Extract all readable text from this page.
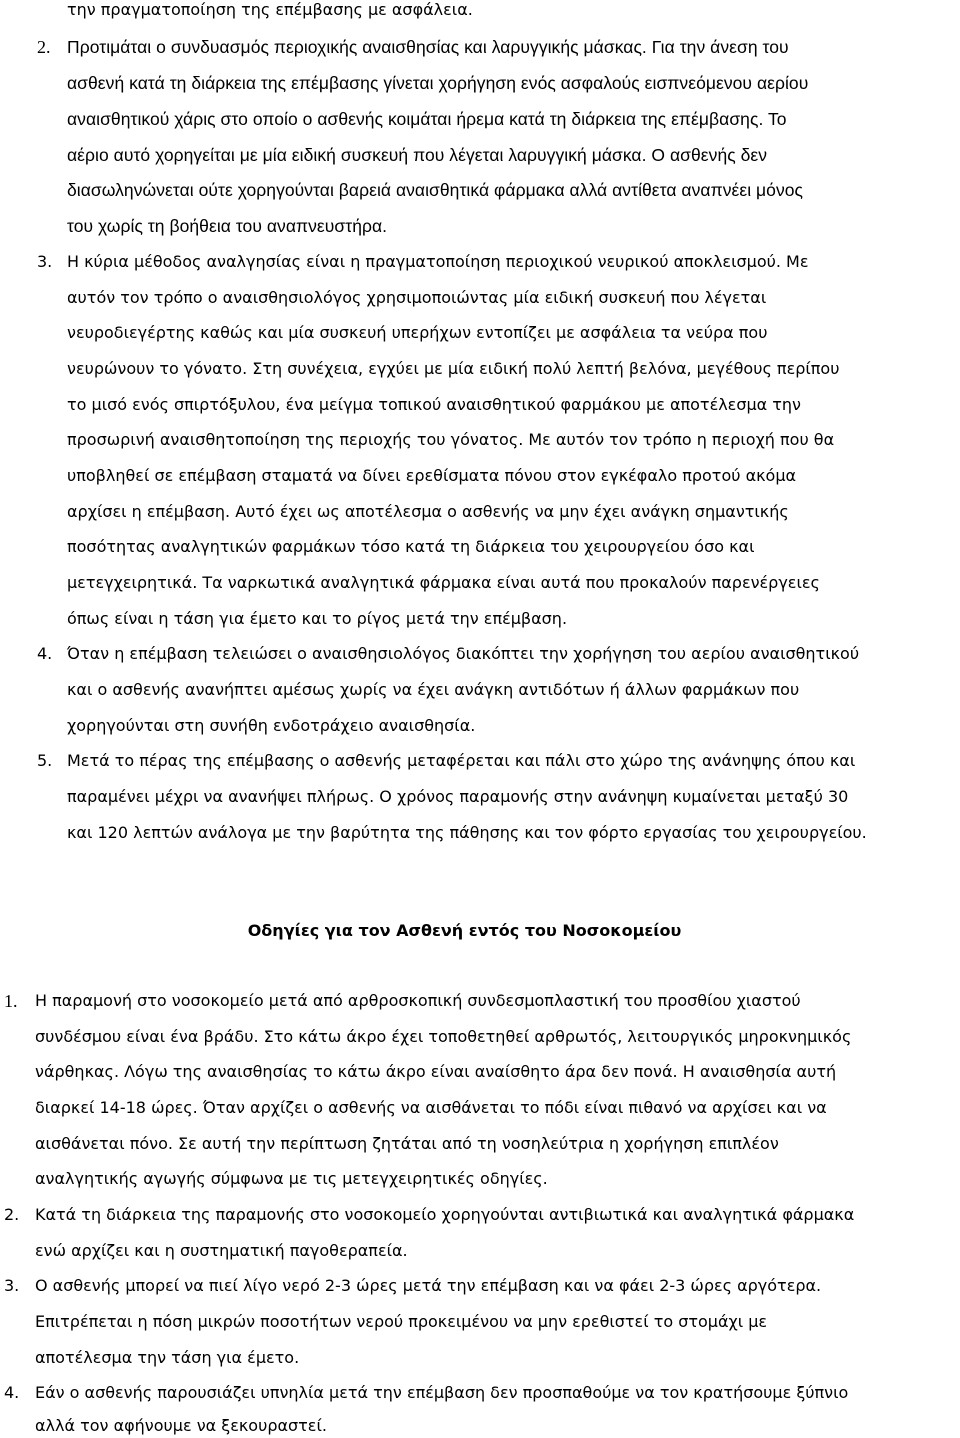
την πραγματοποίηση της επέμβασης με ασφάλεια.
2. Προτιμάται ο συνδυασμός περιοχικής αναισθησίας και λαρυγγικής μάσκας. Για την άνεση του
ασθενή κατά τη διάρκεια της επέμβασης γίνεται χορήγηση ενός ασφαλούς εισπνεόμενου αερίου
αναισθητικού χάρις στο οποίο ο ασθενής κοιμάται ήρεμα κατά τη διάρκεια της επέμβασης. Το
αέριο αυτό χορηγείται με μία ειδική συσκευή που λέγεται λαρυγγική μάσκα. Ο ασθενής δεν
διασωληνώνεται ούτε χορηγούνται βαρειά αναισθητικά φάρμακα αλλά αντίθετα αναπνέει μόνος
του χωρίς τη βοήθεια του αναπνευστήρα.
3. Η κύρια μέθοδος αναλγησίας είναι η πραγματοποίηση περιοχικού νευρικού αποκλεισμού. Με
αυτόν τον τρόπο ο αναισθησιολόγος χρησιμοποιώντας μία ειδική συσκευή που λέγεται
νευροδιεγέρτης καθώς και μία συσκευή υπερήχων εντοπίζει με ασφάλεια τα νεύρα που
νευρώνουν το γόνατο. Στη συνέχεια, εγχύει με μία ειδική πολύ λεπτή βελόνα, μεγέθους περίπου
το μισό ενός σπιρτόξυλου, ένα μείγμα τοπικού αναισθητικού φαρμάκου με αποτέλεσμα την
προσωρινή αναισθητοποίηση της περιοχής του γόνατος. Με αυτόν τον τρόπο η περιοχή που θα
υποβληθεί σε επέμβαση σταματά να δίνει ερεθίσματα πόνου στον εγκέφαλο προτού ακόμα
αρχίσει η επέμβαση. Αυτό έχει ως αποτέλεσμα ο ασθενής να μην έχει ανάγκη σημαντικής
ποσότητας αναλγητικών φαρμάκων τόσο κατά τη διάρκεια του χειρουργείου όσο και
μετεγχειρητικά. Τα ναρκωτικά αναλγητικά φάρμακα είναι αυτά που προκαλούν παρενέργειες
όπως είναι η τάση για έμετο και το ρίγος μετά την επέμβαση.
4. Όταν η επέμβαση τελειώσει ο αναισθησιολόγος διακόπτει την χορήγηση του αερίου αναισθητικού
και ο ασθενής ανανήπτει αμέσως χωρίς να έχει ανάγκη αντιδότων ή άλλων φαρμάκων που
χορηγούνται στη συνήθη ενδοτράχειο αναισθησία.
5. Μετά το πέρας της επέμβασης ο ασθενής μεταφέρεται και πάλι στο χώρο της ανάνηψης όπου και
παραμένει μέχρι να ανανήψει πλήρως. Ο χρόνος παραμονής στην ανάνηψη κυμαίνεται μεταξύ 30
και 120 λεπτών ανάλογα με την βαρύτητα της πάθησης και τον φόρτο εργασίας του χειρουργείου.
Οδηγίες για τον Ασθενή εντός του Νοσοκομείου
1. Η παραμονή στο νοσοκομείο μετά από αρθροσκοπική συνδεσμοπλαστική του προσθίου χιαστού
συνδέσμου είναι ένα βράδυ. Στο κάτω άκρο έχει τοποθετηθεί αρθρωτός, λειτουργικός μηροκνημικός
νάρθηκας. Λόγω της αναισθησίας το κάτω άκρο είναι αναίσθητο άρα δεν πονά. Η αναισθησία αυτή
διαρκεί 14-18 ώρες. Όταν αρχίζει ο ασθενής να αισθάνεται το πόδι είναι πιθανό να αρχίσει και να
αισθάνεται πόνο. Σε αυτή την περίπτωση ζητάται από τη νοσηλεύτρια η χορήγηση επιπλέον
αναλγητικής αγωγής σύμφωνα με τις μετεγχειρητικές οδηγίες.
2. Κατά τη διάρκεια της παραμονής στο νοσοκομείο χορηγούνται αντιβιωτικά και αναλγητικά φάρμακα
ενώ αρχίζει και η συστηματική παγοθεραπεία.
3. Ο ασθενής μπορεί να πιεί λίγο νερό 2-3 ώρες μετά την επέμβαση και να φάει 2-3 ώρες αργότερα.
Επιτρέπεται η πόση μικρών ποσοτήτων νερού προκειμένου να μην ερεθιστεί το στομάχι με
αποτέλεσμα την τάση για έμετο.
4. Εάν ο ασθενής παρουσιάζει υπνηλία μετά την επέμβαση δεν προσπαθούμε να τον κρατήσουμε ξύπνιο
αλλά τον αφήνουμε να ξεκουραστεί.
